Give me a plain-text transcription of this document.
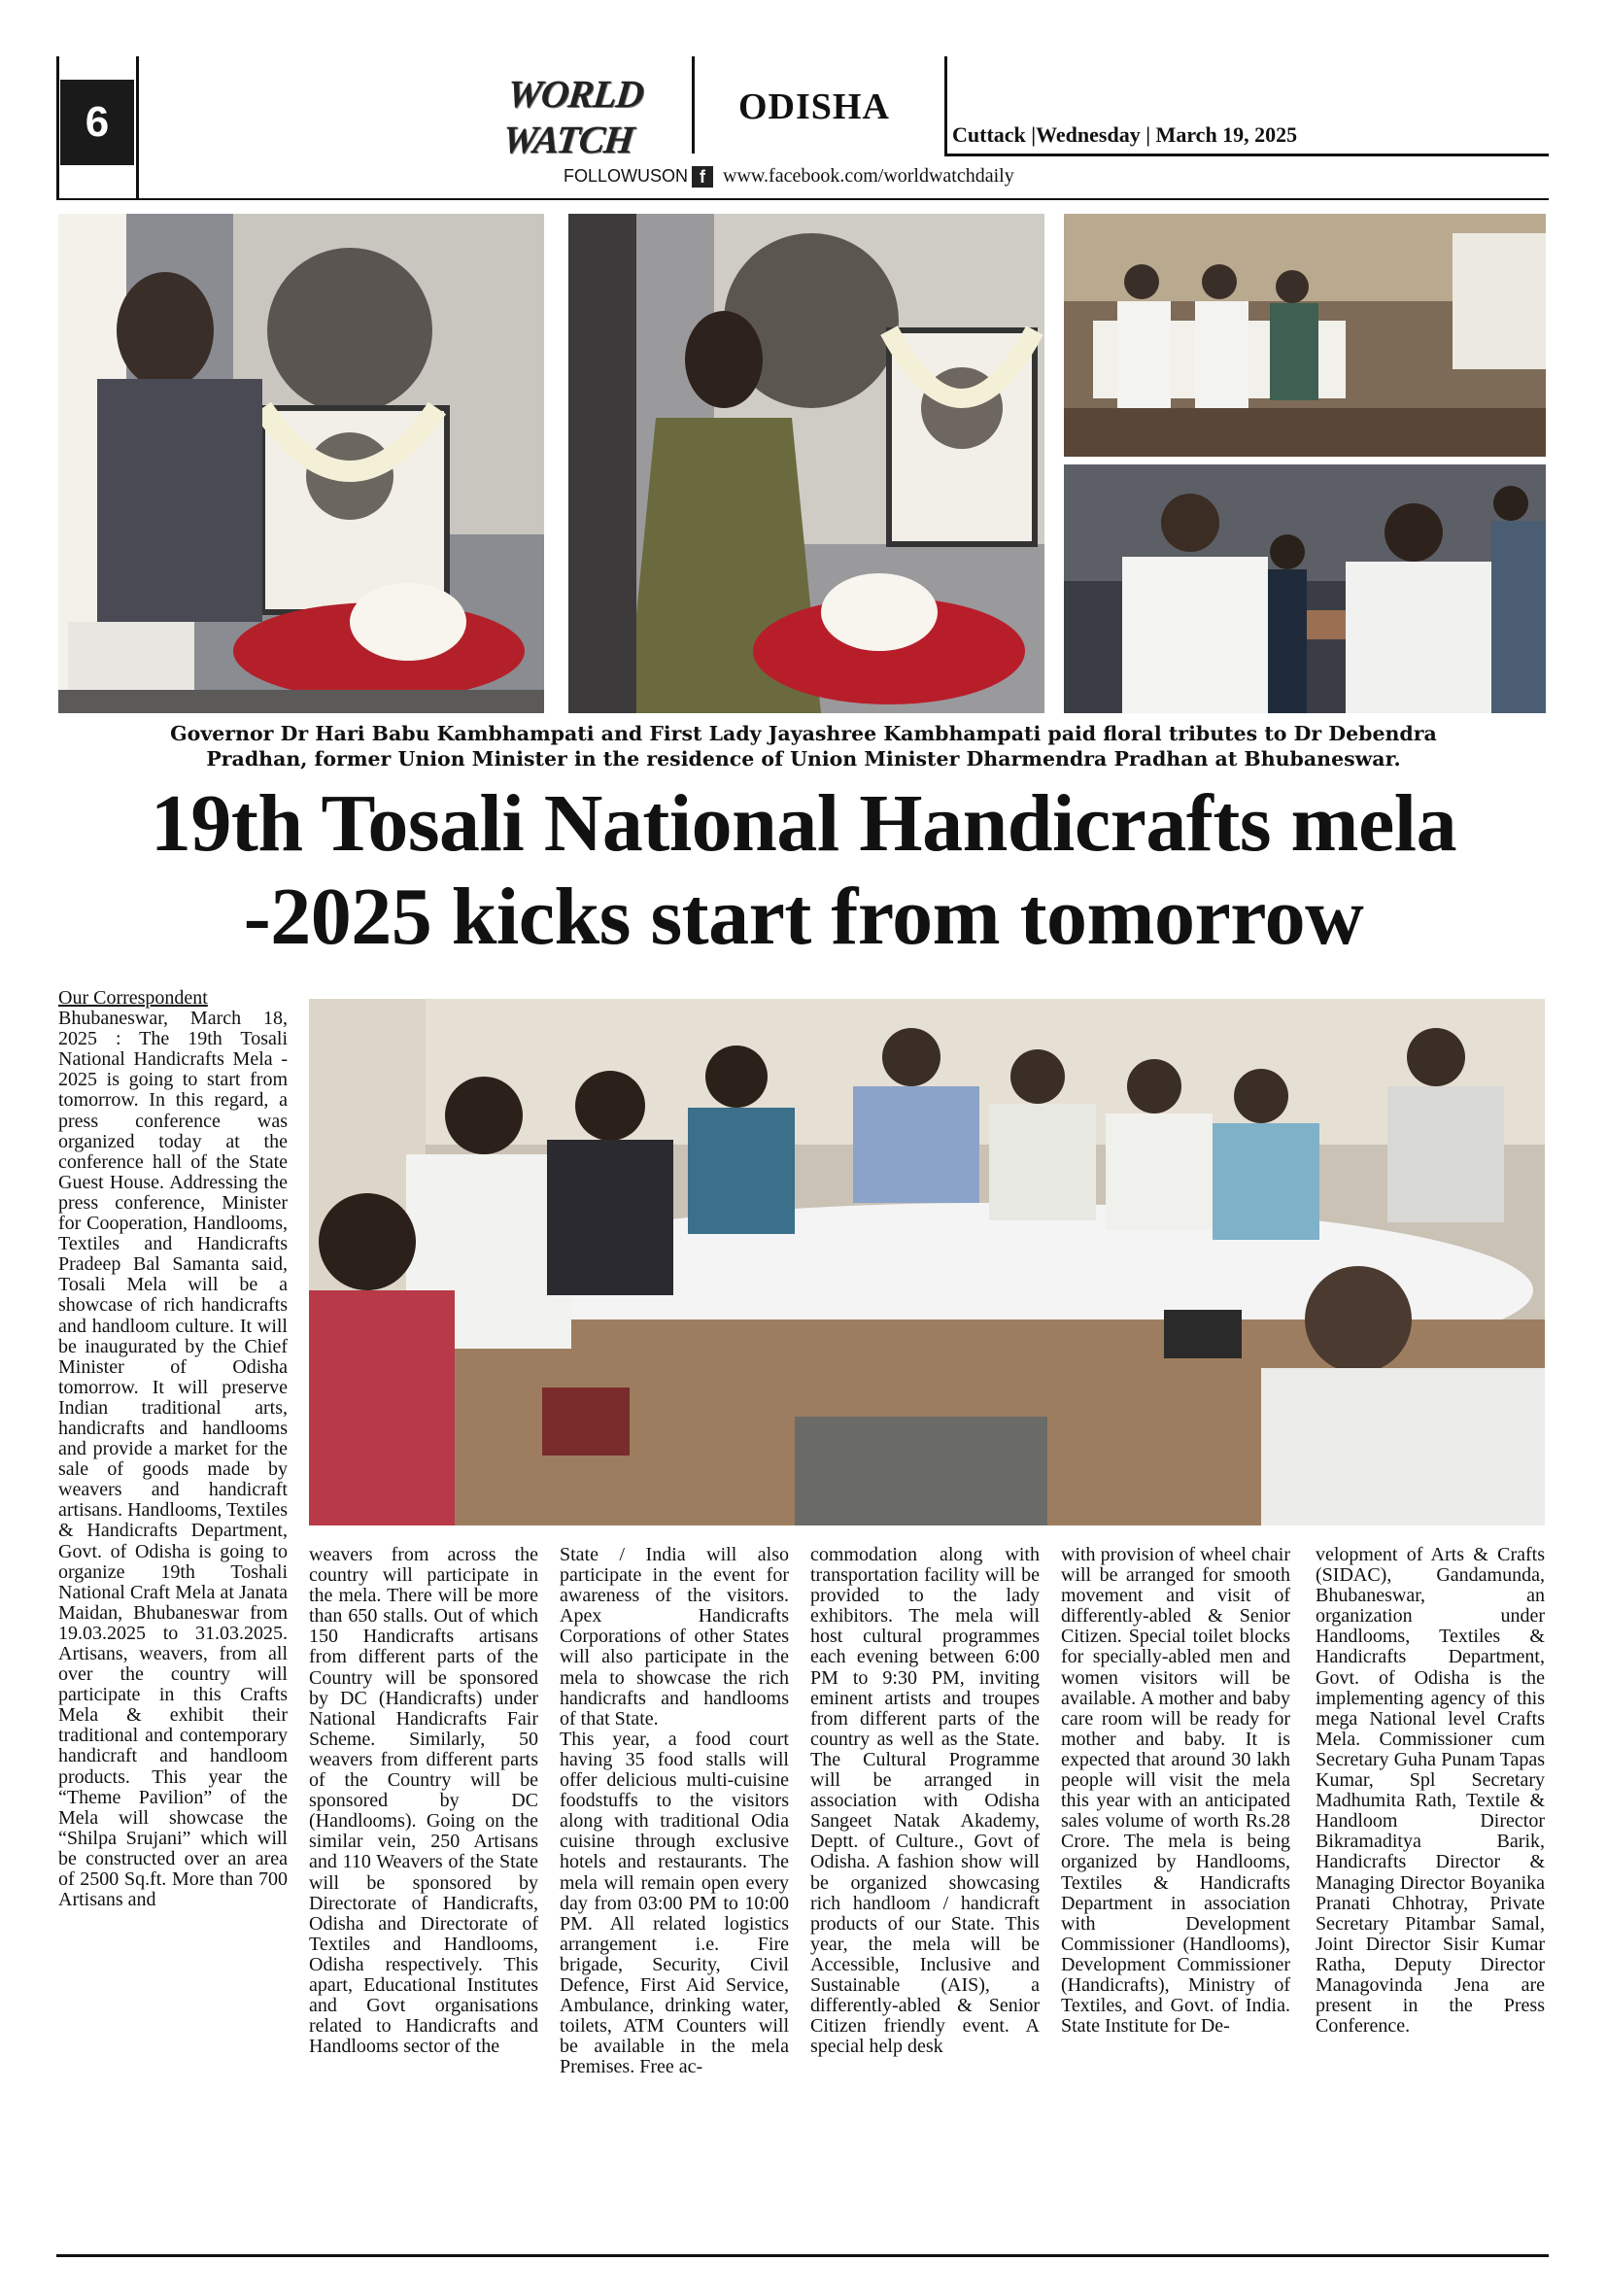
6
WORLD WATCH
ODISHA
Cuttack |Wednesday | March 19, 2025
FOLLOWUSON f www.facebook.com/worldwatchdaily
Governor Dr Hari Babu Kambhampati and First Lady Jayashree Kambhampati paid floral tributes to Dr Debendra
Pradhan, former Union Minister in the residence of Union Minister Dharmendra Pradhan at Bhubaneswar.
19th Tosali National Handicrafts mela
-2025 kicks start from tomorrow

Our Correspondent

Bhubaneswar, March 18, 2025 : The 19th Tosali National Handicrafts Mela - 2025 is going to start from tomorrow. In this regard, a press conference was organized today at the conference hall of the State Guest House. Addressing the press conference, Minister for Cooperation, Handlooms, Textiles and Handicrafts Pradeep Bal Samanta said, Tosali Mela will be a showcase of rich handicrafts and handloom culture. It will be inaugurated by the Chief Minister of Odisha tomorrow. It will preserve Indian traditional arts, handicrafts and handlooms and provide a market for the sale of goods made by weavers and handicraft artisans. Handlooms, Textiles & Handicrafts Department, Govt. of Odisha is going to organize 19th Toshali National Craft Mela at Janata Maidan, Bhubaneswar from 19.03.2025 to 31.03.2025. Artisans, weavers, from all over the country will participate in this Crafts Mela & exhibit their traditional and contemporary handicraft and handloom products. This year the “Theme Pavilion” of the Mela will showcase the “Shilpa Srujani” which will be constructed over an area of 2500 Sq.ft. More than 700 Artisans and

weavers from across the country will participate in the mela. There will be more than 650 stalls. Out of which 150 Handicrafts artisans from different parts of the Country will be sponsored by DC (Handicrafts) under National Handicrafts Fair Scheme. Similarly, 50 weavers from different parts of the Country will be sponsored by DC (Handlooms). Going on the similar vein, 250 Artisans and 110 Weavers of the State will be sponsored by Directorate of Handicrafts, Odisha and Directorate of Textiles and Handlooms, Odisha respectively. This apart, Educational Institutes and Govt organisations related to Handicrafts and Handlooms sector of the

State / India will also participate in the event for awareness of the visitors. Apex Handicrafts Corporations of other States will also participate in the mela to showcase the rich handicrafts and handlooms of that State.

This year, a food court having 35 food stalls will offer delicious multi-cuisine foodstuffs to the visitors along with traditional Odia cuisine through exclusive hotels and restaurants. The mela will remain open every day from 03:00 PM to 10:00 PM. All related logistics arrangement i.e. Fire brigade, Security, Civil Defence, First Aid Service, Ambulance, drinking water, toilets, ATM Counters will be available in the mela Premises. Free ac-

commodation along with transportation facility will be provided to the lady exhibitors. The mela will host cultural programmes each evening between 6:00 PM to 9:30 PM, inviting eminent artists and troupes from different parts of the country as well as the State. The Cultural Programme will be arranged in association with Odisha Sangeet Natak Akademy, Deptt. of Culture., Govt of Odisha. A fashion show will be organized showcasing rich handloom / handicraft products of our State. This year, the mela will be Accessible, Inclusive and Sustainable (AIS), a differently-abled & Senior Citizen friendly event. A special help desk

with provision of wheel chair will be arranged for smooth movement and visit of differently-abled & Senior Citizen. Special toilet blocks for specially-abled men and women visitors will be available. A mother and baby care room will be ready for mother and baby. It is expected that around 30 lakh people will visit the mela this year with an anticipated sales volume of worth Rs.28 Crore. The mela is being organized by Handlooms, Textiles & Handicrafts Department in association with Development Commissioner (Handlooms), Development Commissioner (Handicrafts), Ministry of Textiles, and Govt. of India. State Institute for De-

velopment of Arts & Crafts (SIDAC), Gandamunda, Bhubaneswar, an organization under Handlooms, Textiles & Handicrafts Department, Govt. of Odisha is the implementing agency of this mega National level Crafts Mela. Commissioner cum Secretary Guha Punam Tapas Kumar, Spl Secretary Madhumita Rath, Textile & Handloom Director Bikramaditya Barik, Handicrafts Director & Managing Director Boyanika Pranati Chhotray, Private Secretary Pitambar Samal, Joint Director Sisir Kumar Ratha, Deputy Director Managovinda Jena are present in the Press Conference.
